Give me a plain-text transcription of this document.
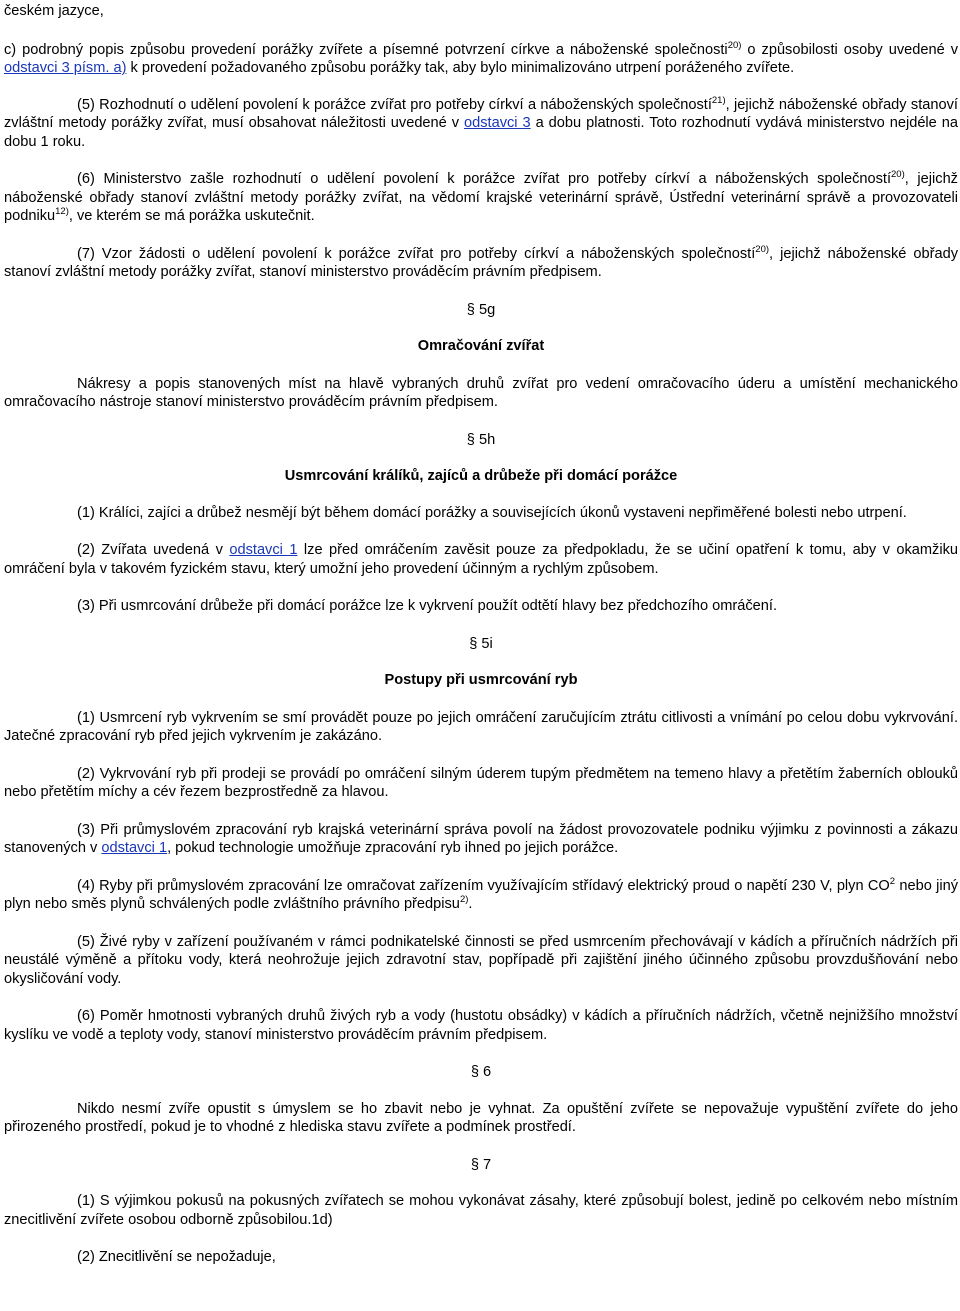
českém jazyce,

c) podrobný popis způsobu provedení porážky zvířete a písemné potvrzení církve a náboženské společnosti$^{20)}$ o způsobilosti osoby uvedené v odstavci 3 písm. a) k provedení požadovaného způsobu porážky tak, aby bylo minimalizováno utrpení poráženého zvířete.

(5) Rozhodnutí o udělení povolení k porážce zvířat pro potřeby církví a náboženských společností$^{21)}$, jejichž náboženské obřady stanoví zvláštní metody porážky zvířat, musí obsahovat náležitosti uvedené v odstavci 3 a dobu platnosti. Toto rozhodnutí vydává ministerstvo nejdéle na dobu 1 roku.

(6) Ministerstvo zašle rozhodnutí o udělení povolení k porážce zvířat pro potřeby církví a náboženských společností$^{20)}$, jejichž náboženské obřady stanoví zvláštní metody porážky zvířat, na vědomí krajské veterinární správě, Ústřední veterinární správě a provozovateli podniku$^{12)}$, ve kterém se má porážka uskutečnit.

(7) Vzor žádosti o udělení povolení k porážce zvířat pro potřeby církví a náboženských společností$^{20)}$, jejichž náboženské obřady stanoví zvláštní metody porážky zvířat, stanoví ministerstvo prováděcím právním předpisem.

§ 5g

Omračování zvířat

Nákresy a popis stanovených míst na hlavě vybraných druhů zvířat pro vedení omračovacího úderu a umístění mechanického omračovacího nástroje stanoví ministerstvo prováděcím právním předpisem.

§ 5h

Usmrcování králíků, zajíců a drůbeže při domácí porážce

(1) Králíci, zajíci a drůbež nesmějí být během domácí porážky a souvisejících úkonů vystaveni nepřiměřené bolesti nebo utrpení.

(2) Zvířata uvedená v odstavci 1 lze před omráčením zavěsit pouze za předpokladu, že se učiní opatření k tomu, aby v okamžiku omráčení byla v takovém fyzickém stavu, který umožní jeho provedení účinným a rychlým způsobem.

(3) Při usmrcování drůbeže při domácí porážce lze k vykrvení použít odtětí hlavy bez předchozího omráčení.

§ 5i

Postupy při usmrcování ryb

(1) Usmrcení ryb vykrvením se smí provádět pouze po jejich omráčení zaručujícím ztrátu citlivosti a vnímání po celou dobu vykrvování. Jatečné zpracování ryb před jejich vykrvením je zakázáno.

(2) Vykrvování ryb při prodeji se provádí po omráčení silným úderem tupým předmětem na temeno hlavy a přetětím žaberních oblouků nebo přetětím míchy a cév řezem bezprostředně za hlavou.

(3) Při průmyslovém zpracování ryb krajská veterinární správa povolí na žádost provozovatele podniku výjimku z povinnosti a zákazu stanovených v odstavci 1, pokud technologie umožňuje zpracování ryb ihned po jejich porážce.

(4) Ryby při průmyslovém zpracování lze omračovat zařízením využívajícím střídavý elektrický proud o napětí 230 V, plyn $CO^2$ nebo jiný plyn nebo směs plynů schválených podle zvláštního právního předpisu$^{2)}$.

(5) Živé ryby v zařízení používaném v rámci podnikatelské činnosti se před usmrcením přechovávají v kádích a příručních nádržích při neustálé výměně a přítoku vody, která neohrožuje jejich zdravotní stav, popřípadě při zajištění jiného účinného způsobu provzdušňování nebo okysličování vody.

(6) Poměr hmotnosti vybraných druhů živých ryb a vody (hustotu obsádky) v kádích a příručních nádržích, včetně nejnižšího množství kyslíku ve vodě a teploty vody, stanoví ministerstvo prováděcím právním předpisem.

§ 6

Nikdo nesmí zvíře opustit s úmyslem se ho zbavit nebo je vyhnat. Za opuštění zvířete se nepovažuje vypuštění zvířete do jeho přirozeného prostředí, pokud je to vhodné z hlediska stavu zvířete a podmínek prostředí.

§ 7

(1) S výjimkou pokusů na pokusných zvířatech se mohou vykonávat zásahy, které způsobují bolest, jedině po celkovém nebo místním znecitlivění zvířete osobou odborně způsobilou.1d)

(2) Znecitlivění se nepožaduje,
